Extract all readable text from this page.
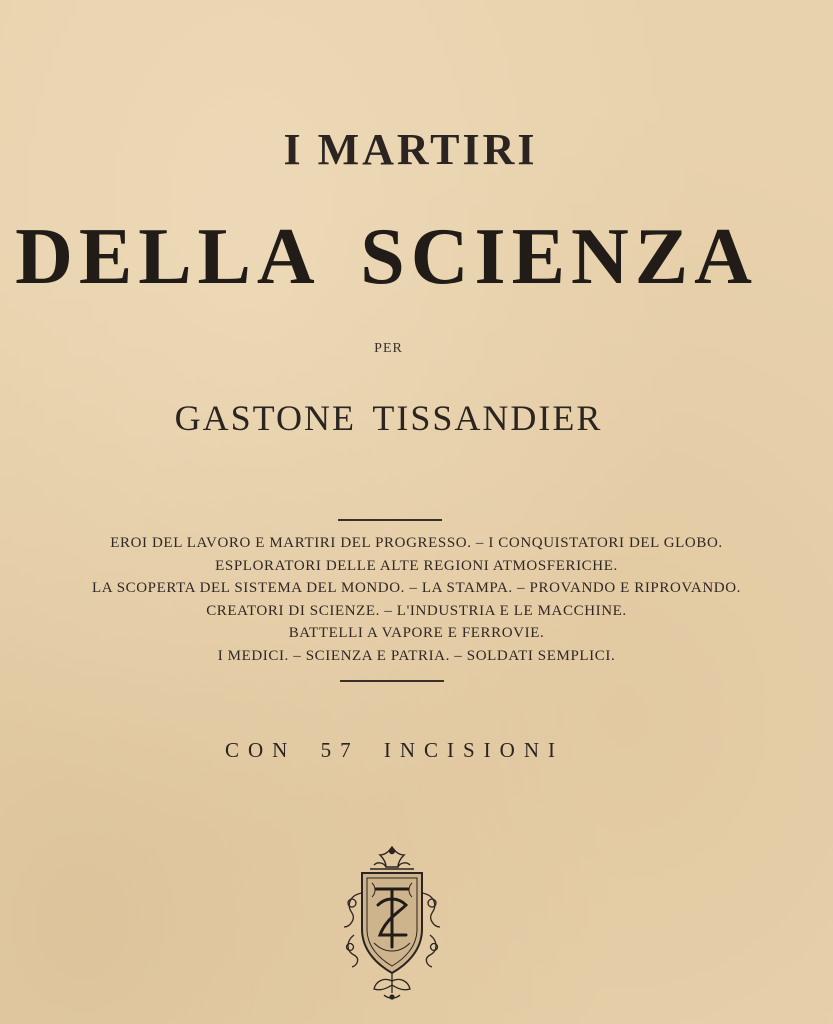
I MARTIRI
DELLA SCIENZA

PER

GASTONE TISSANDIER

EROI DEL LAVORO E MARTIRI DEL PROGRESSO. – I CONQUISTATORI DEL GLOBO.
ESPLORATORI DELLE ALTE REGIONI ATMOSFERICHE.
LA SCOPERTA DEL SISTEMA DEL MONDO. – LA STAMPA. – PROVANDO E RIPROVANDO.
CREATORI DI SCIENZE. – L'INDUSTRIA E LE MACCHINE.
BATTELLI A VAPORE E FERROVIE.
I MEDICI. – SCIENZA E PATRIA. – SOLDATI SEMPLICI.

CON 57 INCISIONI
